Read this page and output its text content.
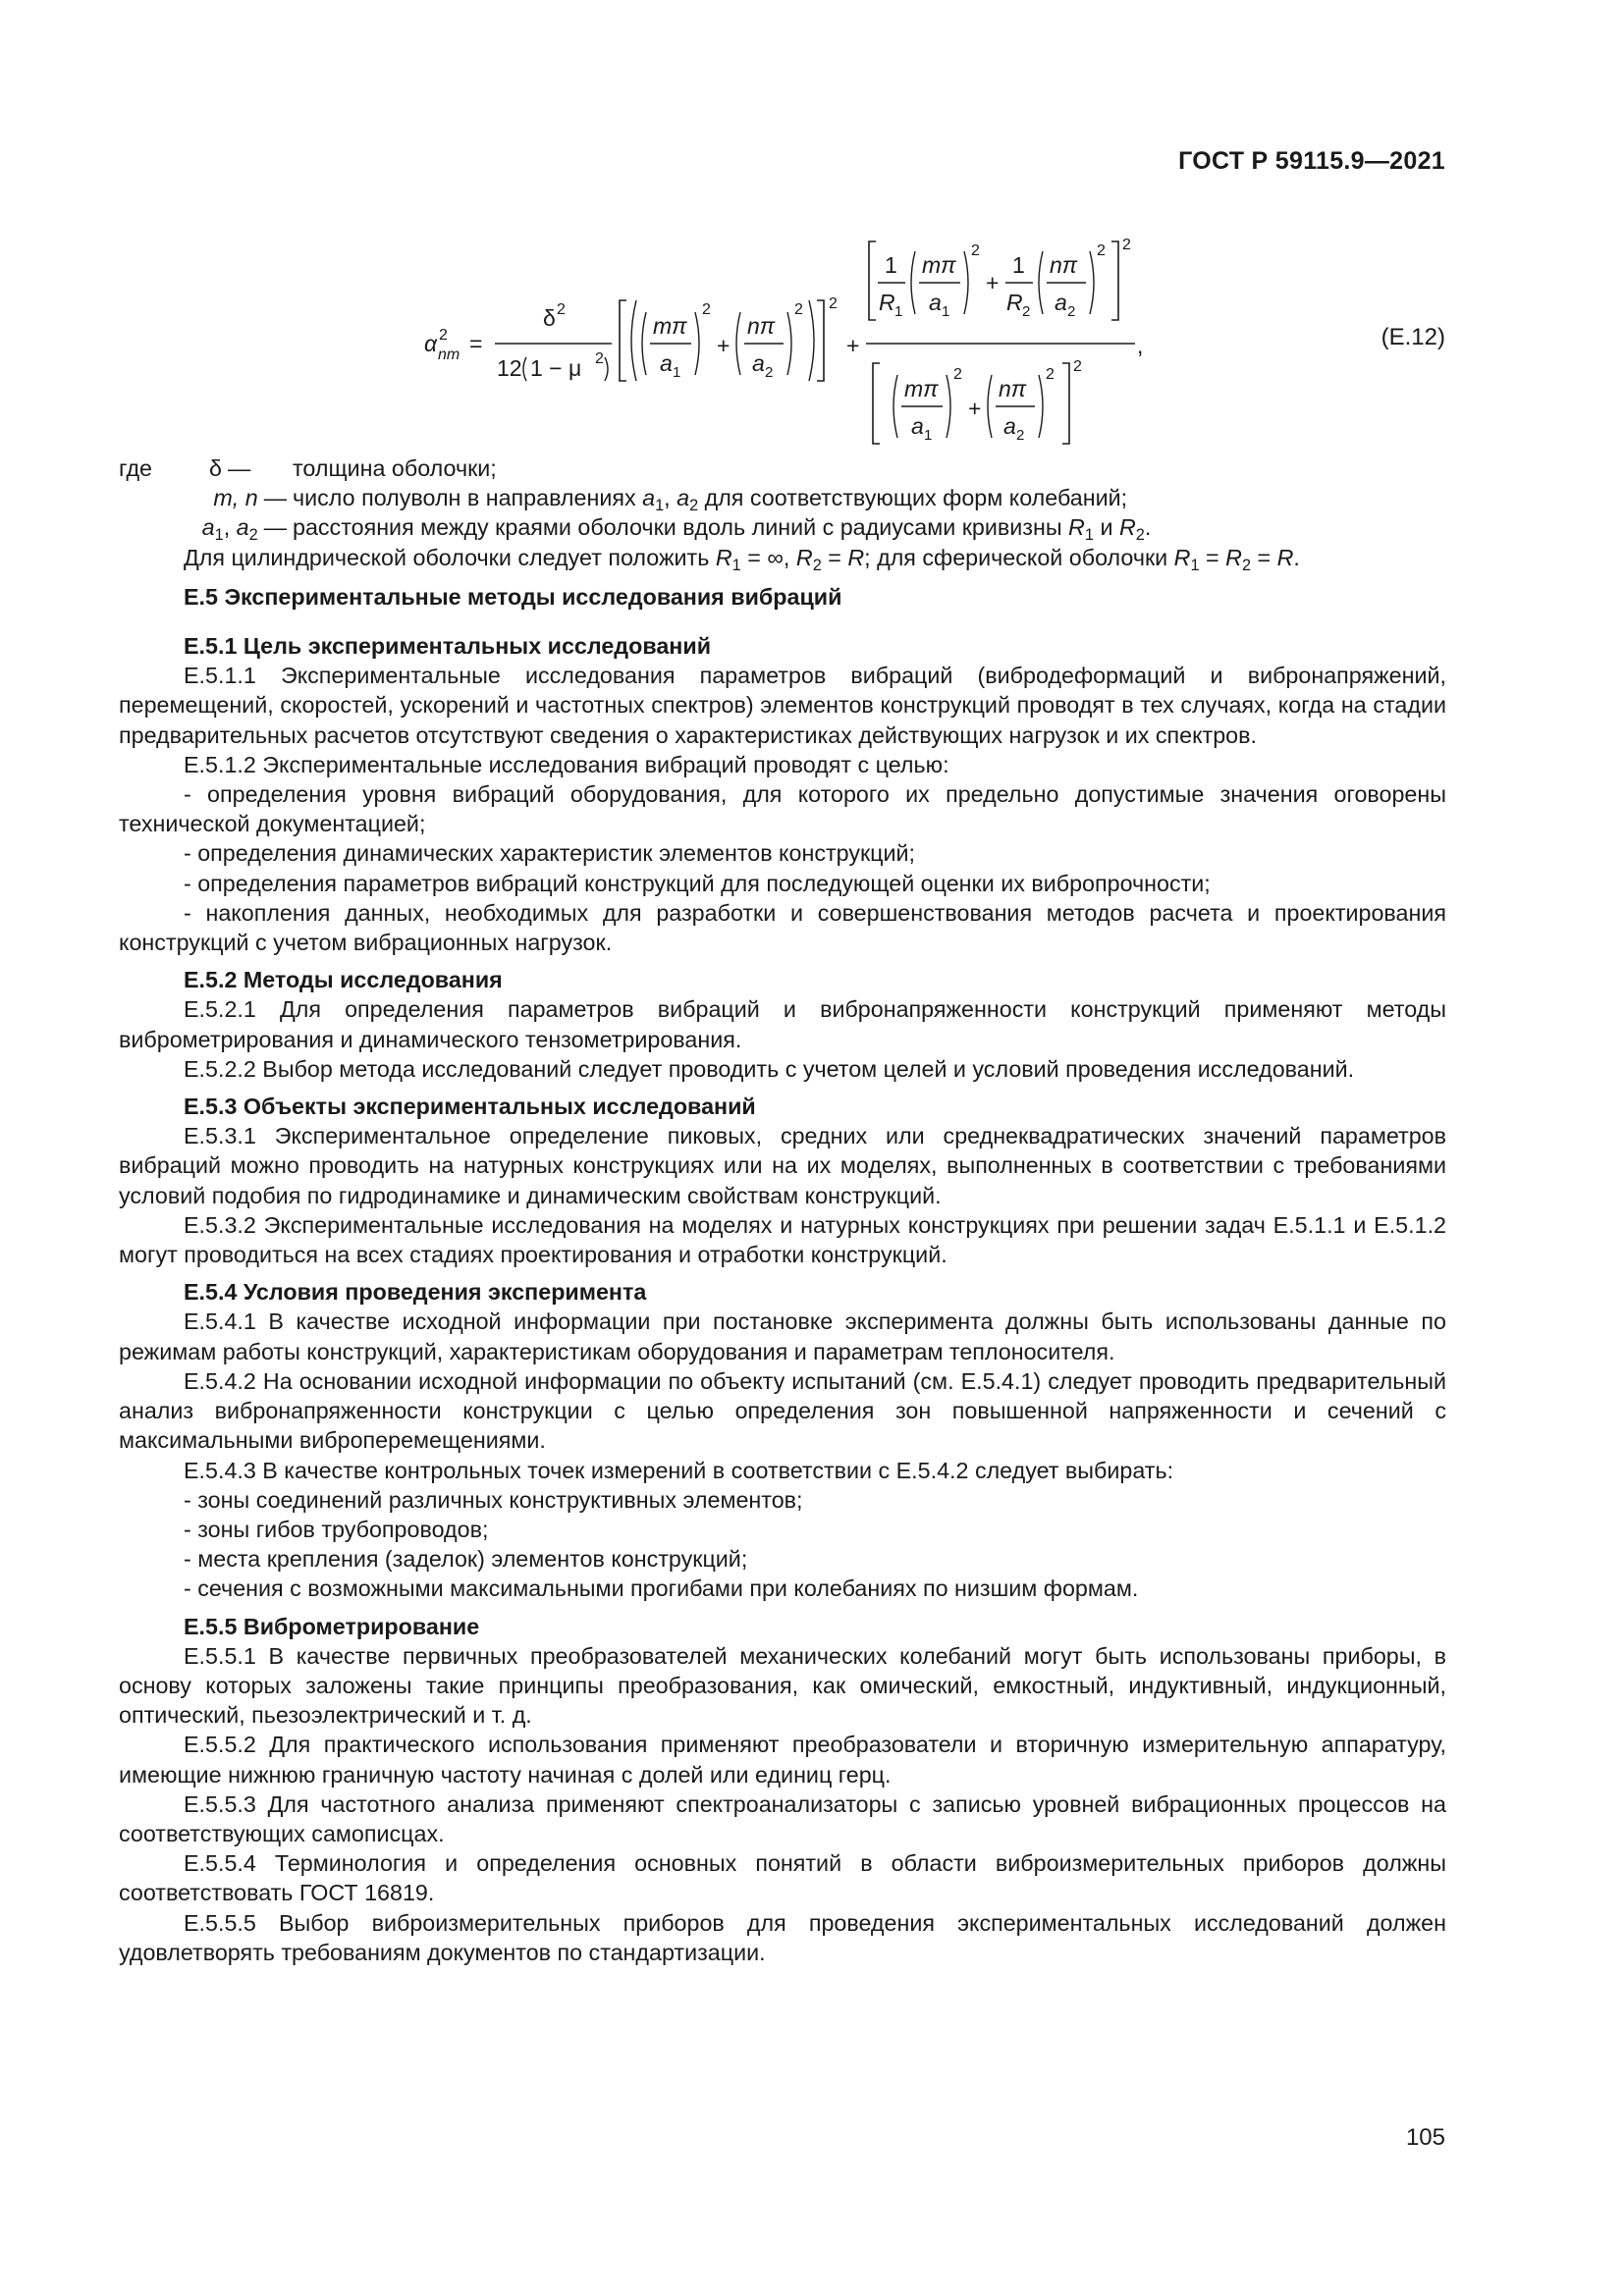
ГОСТ Р 59115.9—2021
α 2
nm =
δ 2
12 1 − μ 2
mπ
a 1
2
+
nπ
a 2
2 2
+
1
R 1
mπ
a 1
2
+
1
R 2
nπ
a 2
2 2
,
mπ
a 1
2
+
nπ
a 2
2 2
(Е.12)
где δ —	толщина оболочки;
m, n — число полуволн в направлениях $a_1$, $a_2$ для соответствующих форм колебаний;
$a_1$, $a_2$ — расстояния между краями оболочки вдоль линий с радиусами кривизны $R_1$ и $R_2$.

Для цилиндрической оболочки следует положить $R_1$ = ∞, $R_2 = R$; для сферической оболочки $R_1 = R_2 = R$.

Е.5 Экспериментальные методы исследования вибраций
Е.5.1 Цель экспериментальных исследований

Е.5.1.1 Экспериментальные исследования параметров вибраций (вибродеформаций и вибронапряжений, перемещений, скоростей, ускорений и частотных спектров) элементов конструкций проводят в тех случаях, когда на стадии предварительных расчетов отсутствуют сведения о характеристиках действующих нагрузок и их спектров.

Е.5.1.2 Экспериментальные исследования вибраций проводят с целью:

- определения уровня вибраций оборудования, для которого их предельно допустимые значения оговорены технической документацией;

- определения динамических характеристик элементов конструкций;

- определения параметров вибраций конструкций для последующей оценки их вибропрочности;

- накопления данных, необходимых для разработки и совершенствования методов расчета и проектирования конструкций с учетом вибрационных нагрузок.

Е.5.2 Методы исследования

Е.5.2.1 Для определения параметров вибраций и вибронапряженности конструкций применяют методы виброметрирования и динамического тензометрирования.

Е.5.2.2 Выбор метода исследований следует проводить с учетом целей и условий проведения исследований.

Е.5.3 Объекты экспериментальных исследований

Е.5.3.1 Экспериментальное определение пиковых, средних или среднеквадратических значений параметров вибраций можно проводить на натурных конструкциях или на их моделях, выполненных в соответствии с требованиями условий подобия по гидродинамике и динамическим свойствам конструкций.

Е.5.3.2 Экспериментальные исследования на моделях и натурных конструкциях при решении задач Е.5.1.1 и Е.5.1.2 могут проводиться на всех стадиях проектирования и отработки конструкций.

Е.5.4 Условия проведения эксперимента

Е.5.4.1 В качестве исходной информации при постановке эксперимента должны быть использованы данные по режимам работы конструкций, характеристикам оборудования и параметрам теплоносителя.

Е.5.4.2 На основании исходной информации по объекту испытаний (см. Е.5.4.1) следует проводить предварительный анализ вибронапряженности конструкции с целью определения зон повышенной напряженности и сечений с максимальными виброперемещениями.

Е.5.4.3 В качестве контрольных точек измерений в соответствии с Е.5.4.2 следует выбирать:

- зоны соединений различных конструктивных элементов;

- зоны гибов трубопроводов;

- места крепления (заделок) элементов конструкций;

- сечения с возможными максимальными прогибами при колебаниях по низшим формам.

Е.5.5 Виброметрирование

Е.5.5.1 В качестве первичных преобразователей механических колебаний могут быть использованы приборы, в основу которых заложены такие принципы преобразования, как омический, емкостный, индуктивный, индукционный, оптический, пьезоэлектрический и т. д.

Е.5.5.2 Для практического использования применяют преобразователи и вторичную измерительную аппаратуру, имеющие нижнюю граничную частоту начиная с долей или единиц герц.

Е.5.5.3 Для частотного анализа применяют спектроанализаторы с записью уровней вибрационных процессов на соответствующих самописцах.

Е.5.5.4 Терминология и определения основных понятий в области виброизмерительных приборов должны соответствовать ГОСТ 16819.

Е.5.5.5 Выбор виброизмерительных приборов для проведения экспериментальных исследований должен удовлетворять требованиям документов по стандартизации.

105
